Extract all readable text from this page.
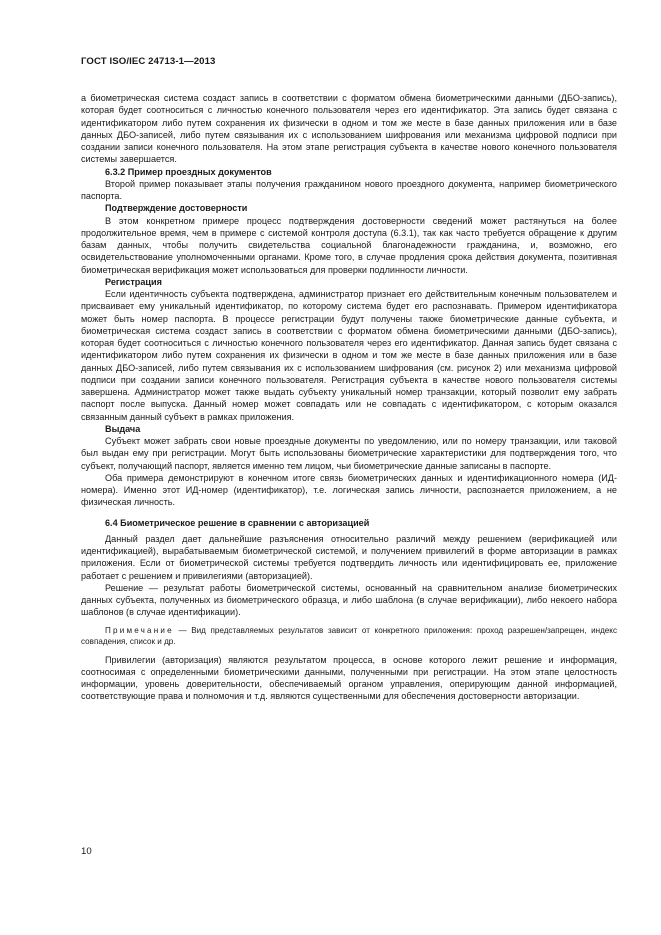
ГОСТ ISO/IEC 24713-1—2013

а биометрическая система создаст запись в соответствии с форматом обмена биометрическими данными (ДБО-запись), которая будет соотноситься с личностью конечного пользователя через его идентификатор. Эта запись будет связана с идентификатором либо путем сохранения их физически в одном и том же месте в базе данных приложения или в базе данных ДБО-записей, либо путем связывания их с использованием шифрования или механизма цифровой подписи при создании записи конечного пользователя. На этом этапе регистрация субъекта в качестве нового конечного пользователя системы завершается.

6.3.2 Пример проездных документов

Второй пример показывает этапы получения гражданином нового проездного документа, например биометрического паспорта.

Подтверждение достоверности

В этом конкретном примере процесс подтверждения достоверности сведений может растянуться на более продолжительное время, чем в примере с системой контроля доступа (6.3.1), так как часто требуется обращение к другим базам данных, чтобы получить свидетельства социальной благонадежности гражданина, и, возможно, его освидетельствование уполномоченными органами. Кроме того, в случае продления срока действия документа, позитивная биометрическая верификация может использоваться для проверки подлинности личности.

Регистрация

Если идентичность субъекта подтверждена, администратор признает его действительным конечным пользователем и присваивает ему уникальный идентификатор, по которому система будет его распознавать. Примером идентификатора может быть номер паспорта. В процессе регистрации будут получены также биометрические данные субъекта, и биометрическая система создаст запись в соответствии с форматом обмена биометрическими данными (ДБО-запись), которая будет соотноситься с личностью конечного пользователя через его идентификатор. Данная запись будет связана с идентификатором либо путем сохранения их физически в одном и том же месте в базе данных приложения или в базе данных ДБО-записей, либо путем связывания их с использованием шифрования (см. рисунок 2) или механизма цифровой подписи при создании записи конечного пользователя. Регистрация субъекта в качестве нового пользователя системы завершена. Администратор может также выдать субъекту уникальный номер транзакции, который позволит ему забрать паспорт после выпуска. Данный номер может совпадать или не совпадать с идентификатором, с которым оказался связанным данный субъект в рамках приложения.

Выдача

Субъект может забрать свои новые проездные документы по уведомлению, или по номеру транзакции, или таковой был выдан ему при регистрации. Могут быть использованы биометрические характеристики для подтверждения того, что субъект, получающий паспорт, является именно тем лицом, чьи биометрические данные записаны в паспорте.

Оба примера демонстрируют в конечном итоге связь биометрических данных и идентификационного номера (ИД-номера). Именно этот ИД-номер (идентификатор), т.е. логическая запись личности, распознается приложением, а не физическая личность.

6.4 Биометрическое решение в сравнении с авторизацией

Данный раздел дает дальнейшие разъяснения относительно различий между решением (верификацией или идентификацией), вырабатываемым биометрической системой, и получением привилегий в форме авторизации в рамках приложения. Если от биометрической системы требуется подтвердить личность или идентифицировать ее, приложение работает с решением и привилегиями (авторизацией).

Решение — результат работы биометрической системы, основанный на сравнительном анализе биометрических данных субъекта, полученных из биометрического образца, и либо шаблона (в случае верификации), либо некоего набора шаблонов (в случае идентификации).

Примечание — Вид представляемых результатов зависит от конкретного приложения: проход разрешен/запрещен, индекс совпадения, список и др.

Привилегии (авторизация) являются результатом процесса, в основе которого лежит решение и информация, соотносимая с определенными биометрическими данными, полученными при регистрации. На этом этапе целостность информации, уровень доверительности, обеспечиваемый органом управления, оперирующим данной информацией, соответствующие права и полномочия и т.д. являются существенными для обеспечения достоверности авторизации.

10
